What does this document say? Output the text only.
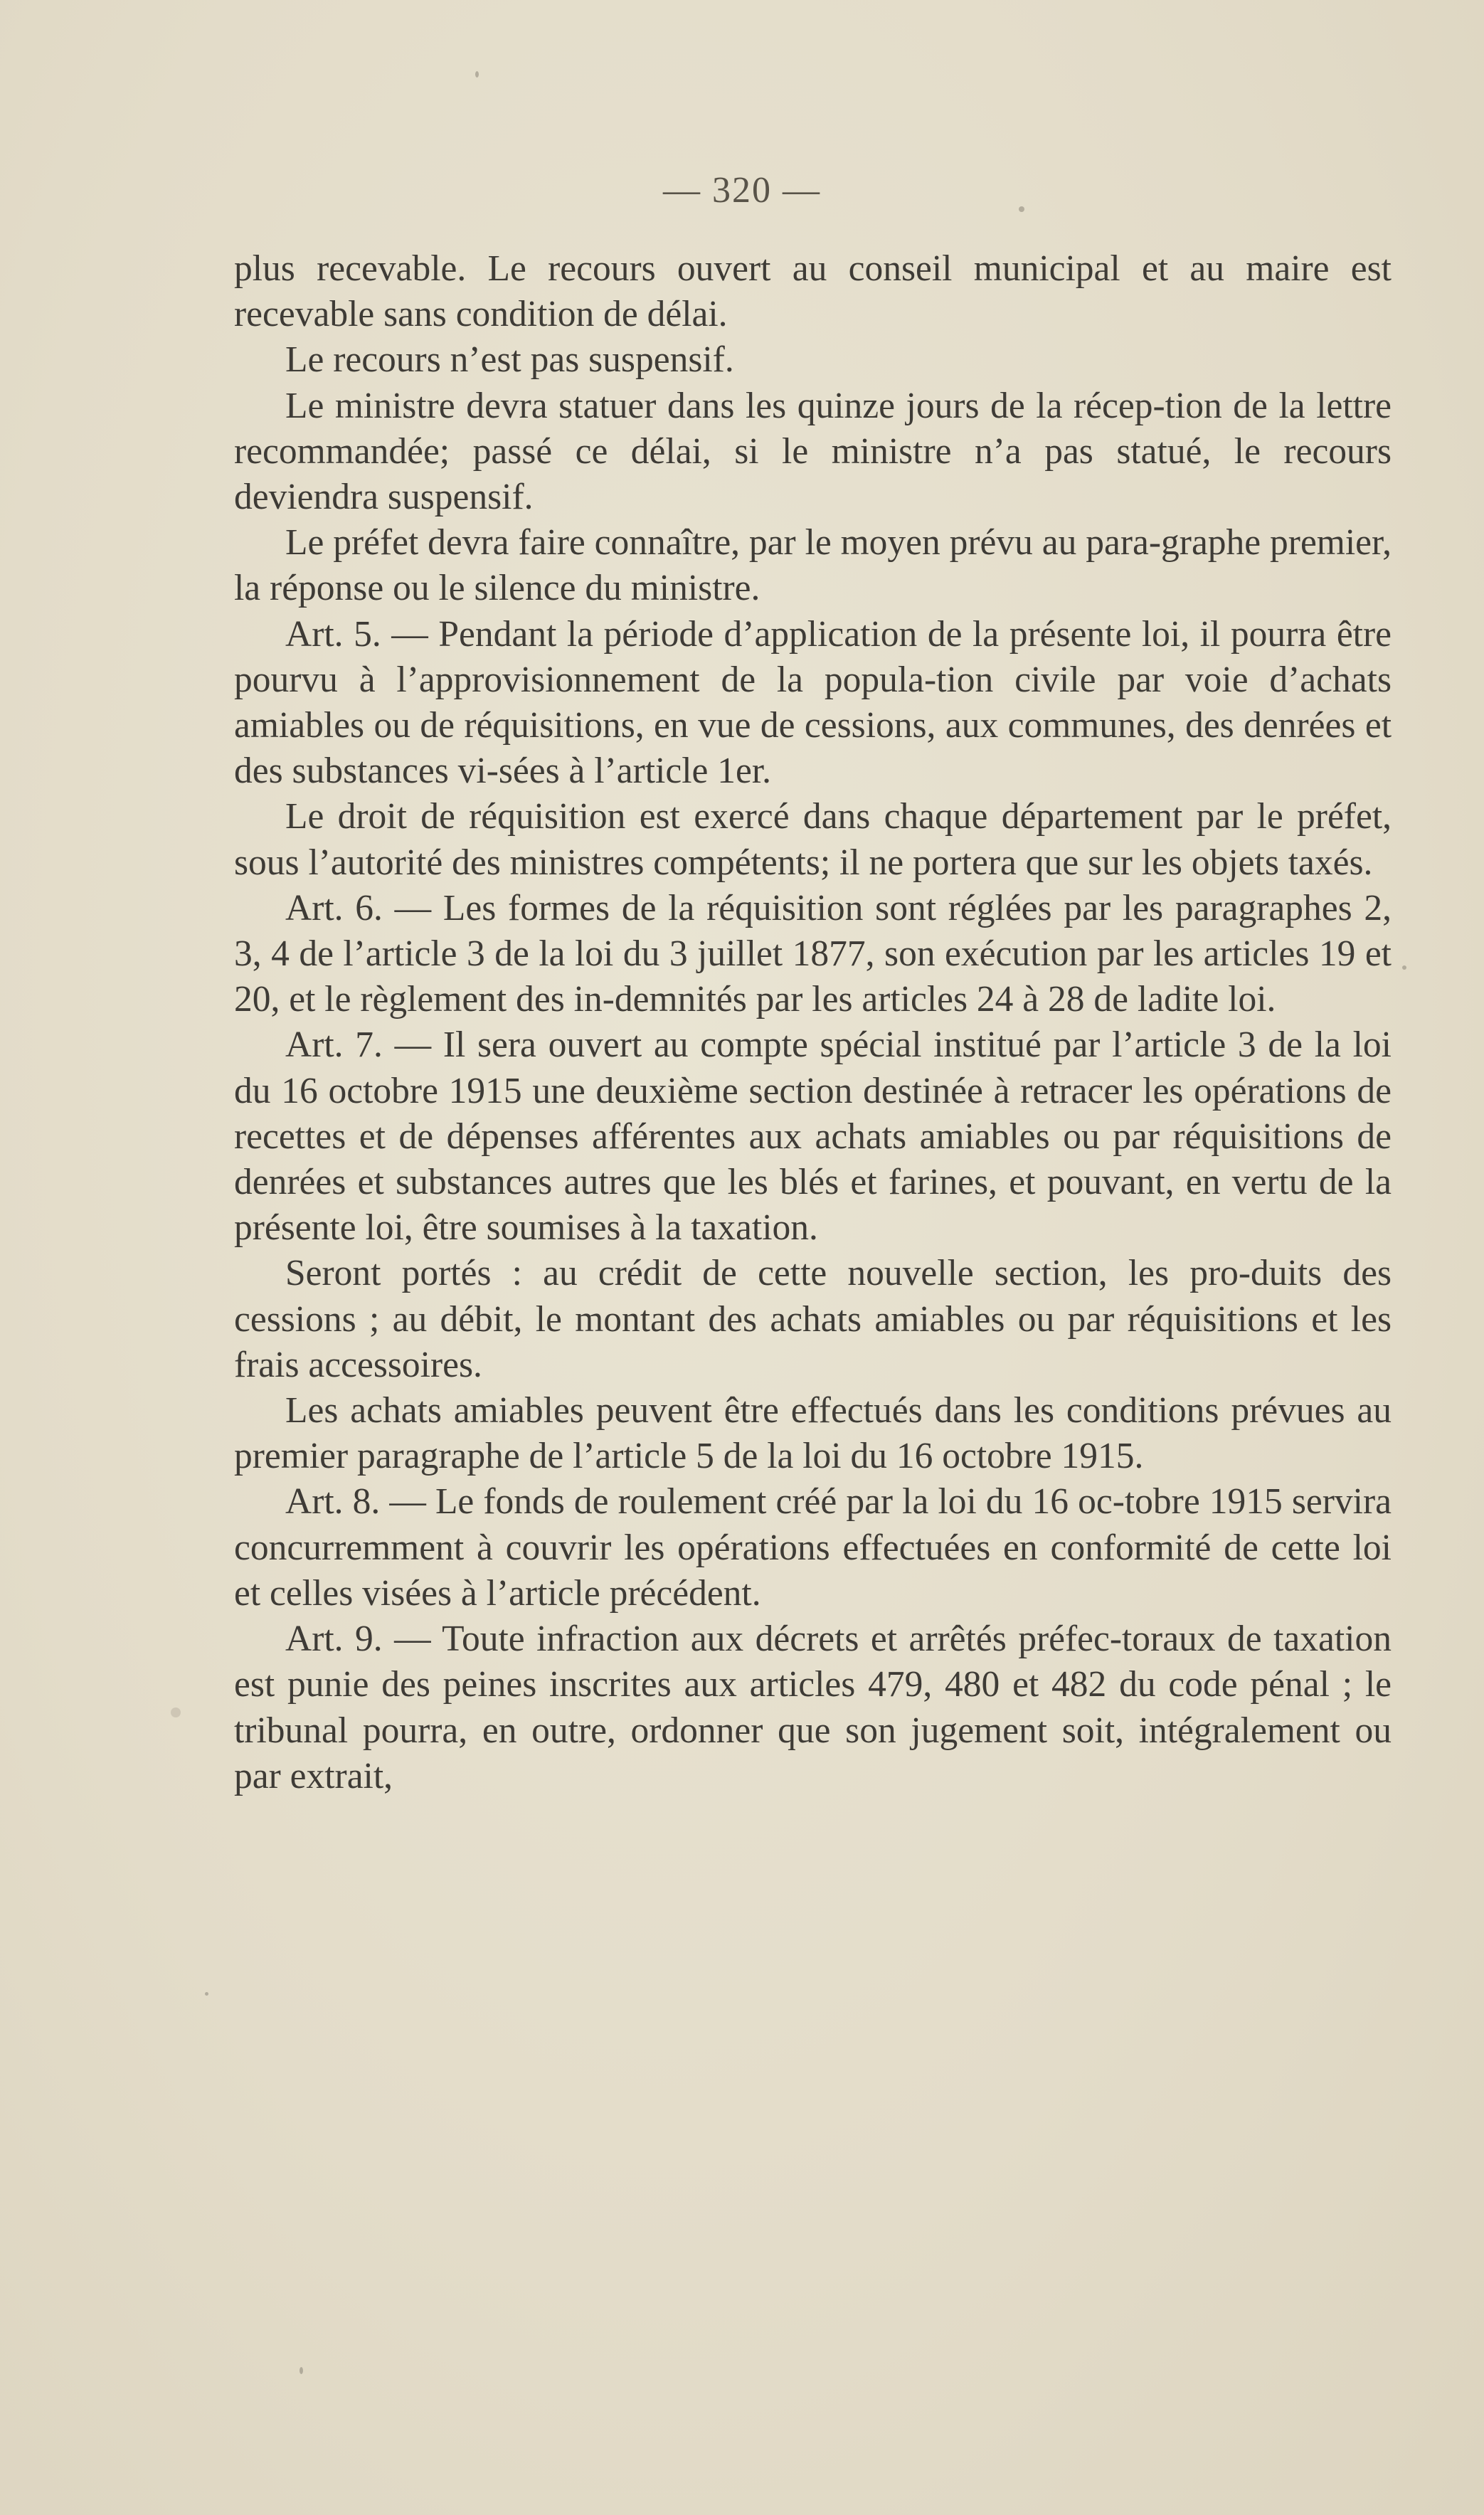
— 320 —

plus recevable. Le recours ouvert au conseil municipal et au maire est recevable sans condition de délai.

Le recours n’est pas suspensif.

Le ministre devra statuer dans les quinze jours de la récep-tion de la lettre recommandée; passé ce délai, si le ministre n’a pas statué, le recours deviendra suspensif.

Le préfet devra faire connaître, par le moyen prévu au para-graphe premier, la réponse ou le silence du ministre.

Art. 5. — Pendant la période d’application de la présente loi, il pourra être pourvu à l’approvisionnement de la popula-tion civile par voie d’achats amiables ou de réquisitions, en vue de cessions, aux communes, des denrées et des substances vi-sées à l’article 1er.

Le droit de réquisition est exercé dans chaque département par le préfet, sous l’autorité des ministres compétents; il ne portera que sur les objets taxés.

Art. 6. — Les formes de la réquisition sont réglées par les paragraphes 2, 3, 4 de l’article 3 de la loi du 3 juillet 1877, son exécution par les articles 19 et 20, et le règlement des in-demnités par les articles 24 à 28 de ladite loi.

Art. 7. — Il sera ouvert au compte spécial institué par l’article 3 de la loi du 16 octobre 1915 une deuxième section destinée à retracer les opérations de recettes et de dépenses afférentes aux achats amiables ou par réquisitions de denrées et substances autres que les blés et farines, et pouvant, en vertu de la présente loi, être soumises à la taxation.

Seront portés : au crédit de cette nouvelle section, les pro-duits des cessions ; au débit, le montant des achats amiables ou par réquisitions et les frais accessoires.

Les achats amiables peuvent être effectués dans les conditions prévues au premier paragraphe de l’article 5 de la loi du 16 octobre 1915.

Art. 8. — Le fonds de roulement créé par la loi du 16 oc-tobre 1915 servira concurremment à couvrir les opérations effectuées en conformité de cette loi et celles visées à l’article précédent.

Art. 9. — Toute infraction aux décrets et arrêtés préfec-toraux de taxation est punie des peines inscrites aux articles 479, 480 et 482 du code pénal ; le tribunal pourra, en outre, ordonner que son jugement soit, intégralement ou par extrait,
